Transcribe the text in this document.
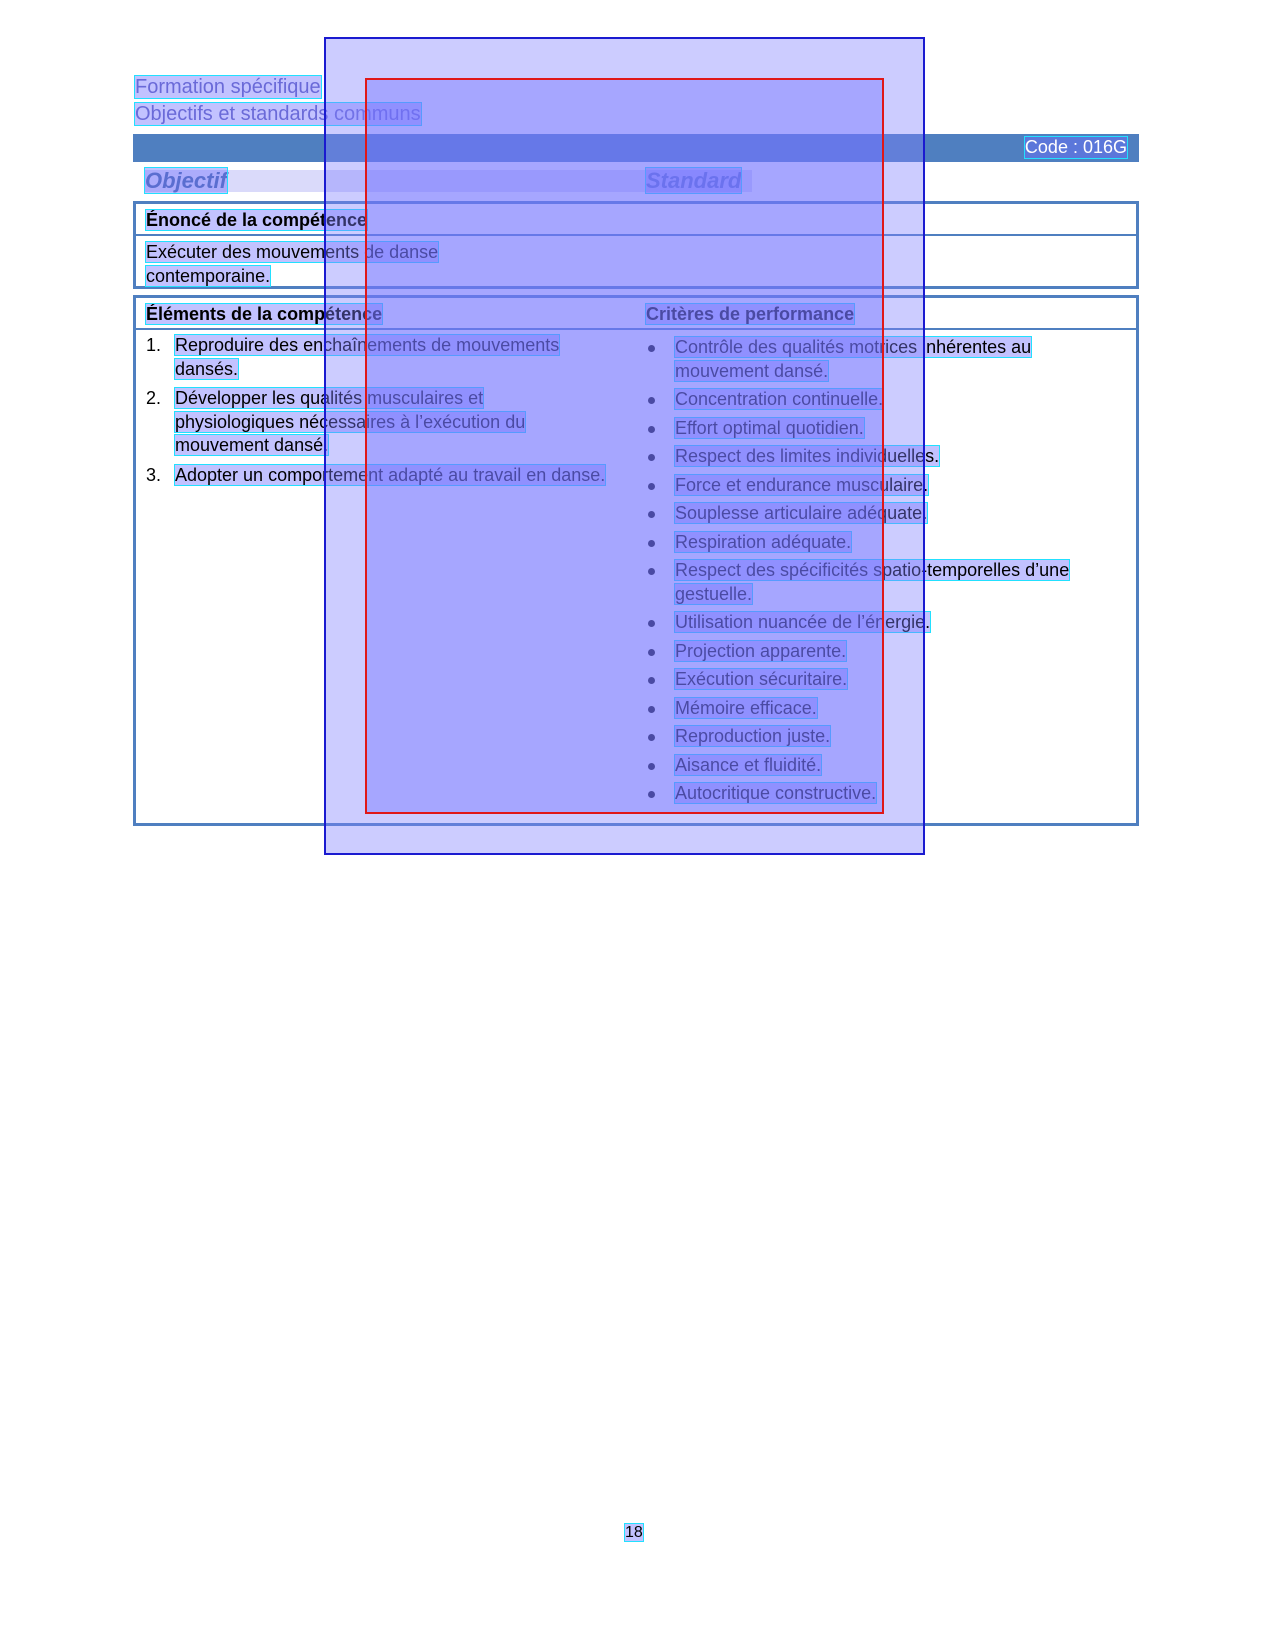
Formation spécifique
Objectifs et standards communs
Code : 016G
Objectif	Standard
Énoncé de la compétence
Exécuter des mouvements de danse contemporaine.
Éléments de la compétence	Critères de performance
1. Reproduire des enchaînements de mouvements dansés.
2. Développer les qualités musculaires et physiologiques nécessaires à l’exécution du mouvement dansé.
3. Adopter un comportement adapté au travail en danse.
Contrôle des qualités motrices inhérentes au mouvement dansé.
Concentration continuelle.
Effort optimal quotidien.
Respect des limites individuelles.
Force et endurance musculaire.
Souplesse articulaire adéquate.
Respiration adéquate.
Respect des spécificités spatio-temporelles d’une gestuelle.
Utilisation nuancée de l’énergie.
Projection apparente.
Exécution sécuritaire.
Mémoire efficace.
Reproduction juste.
Aisance et fluidité.
Autocritique constructive.
18
